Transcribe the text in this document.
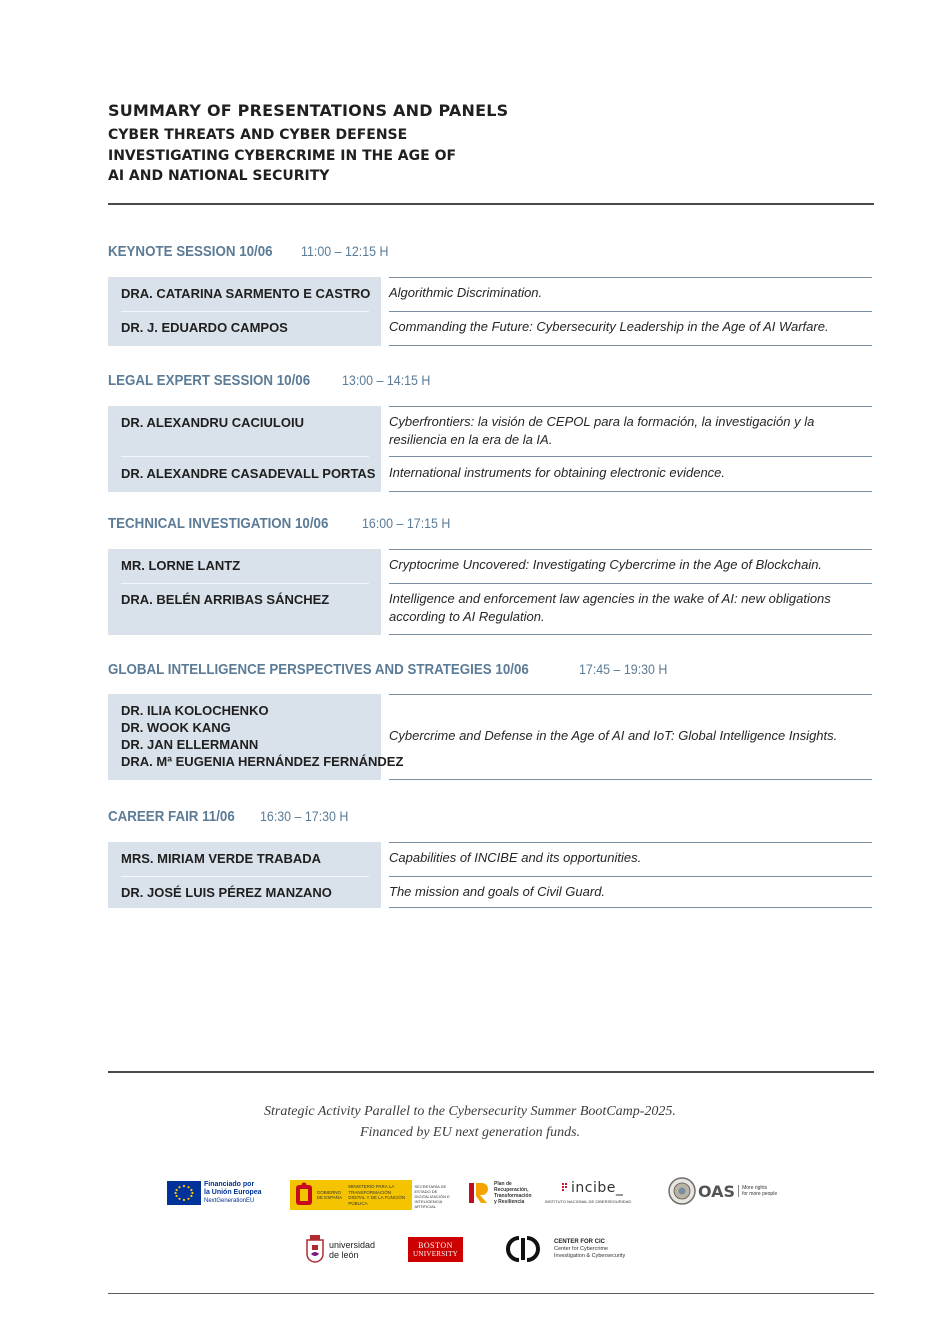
SUMMARY OF PRESENTATIONS AND PANELS
CYBER THREATS AND CYBER DEFENSE
INVESTIGATING CYBERCRIME IN THE AGE OF
AI AND NATIONAL SECURITY
KEYNOTE SESSION 10/06 11:00 – 12:15 H
DRA. CATARINA SARMENTO E CASTRO Algorithmic Discrimination.
DR. J. EDUARDO CAMPOS	Commanding the Future: Cybersecurity Leadership in the Age of AI Warfare.
LEGAL EXPERT SESSION 10/06 13:00 – 14:15 H
DR. ALEXANDRU CACIULOIU	Cyberfrontiers: la visión de CEPOL para la formación, la investigación y la resiliencia en la era de la IA.
DR. ALEXANDRE CASADEVALL PORTAS International instruments for obtaining electronic evidence.
TECHNICAL INVESTIGATION 10/06 16:00 – 17:15 H
MR. LORNE LANTZ	Cryptocrime Uncovered: Investigating Cybercrime in the Age of Blockchain.
DRA. BELÉN ARRIBAS SÁNCHEZ	Intelligence and enforcement law agencies in the wake of AI: new obligations according to AI Regulation.
GLOBAL INTELLIGENCE PERSPECTIVES AND STRATEGIES 10/06	17:45 – 19:30 H
DR. ILIA KOLOCHENKO
DR. WOOK KANG
DR. JAN ELLERMANN
DRA. Mª EUGENIA HERNÁNDEZ FERNÁNDEZ
Cybercrime and Defense in the Age of AI and IoT: Global Intelligence Insights.
CAREER FAIR 11/06 16:30 – 17:30 H
MRS. MIRIAM VERDE TRABADA	Capabilities of INCIBE and its opportunities.
DR. JOSÉ LUIS PÉREZ MANZANO	The mission and goals of Civil Guard.
Strategic Activity Parallel to the Cybersecurity Summer BootCamp-2025.
Financed by EU next generation funds.
Financiado por
la Unión Europea
NextGenerationEU
GOBIERNO DE ESPAÑA
MINISTERIO PARA LA TRANSFORMACIÓN DIGITAL Y DE LA FUNCIÓN PÚBLICA
SECRETARÍA DE ESTADO DE DIGITALIZACIÓN E INTELIGENCIA ARTIFICIAL
Plan de
Recuperación,
Transformación
y Resiliencia
incibe_
INSTITUTO NACIONAL DE CIBERSEGURIDAD
OAS More rights
for more people
universidad
de león
BOSTON
UNIVERSITY
CENTER FOR CIC
Center for Cybercrime
Investigation & Cybersecurity
